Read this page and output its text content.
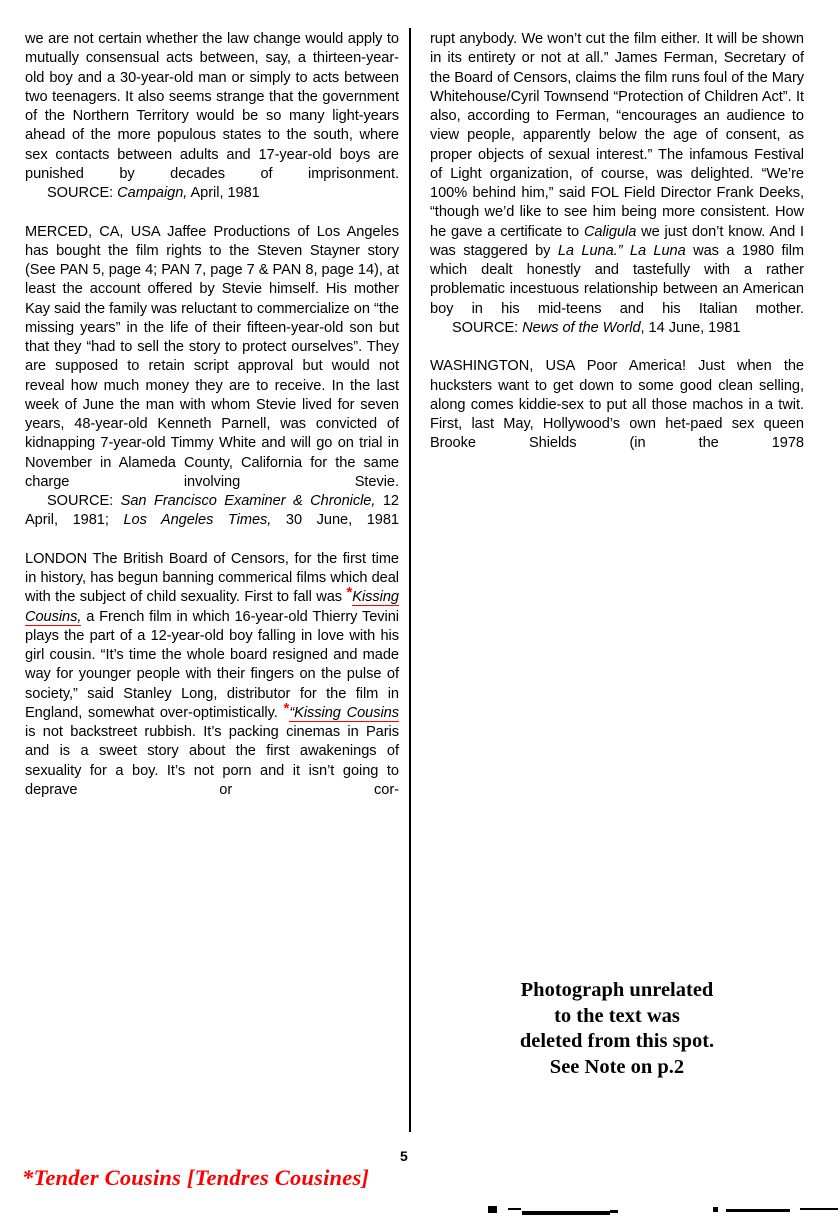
we are not certain whether the law change would apply to mutually consensual acts between, say, a thirteen-year-old boy and a 30-year-old man or simply to acts between two teenagers. It also seems strange that the government of the Northern Territory would be so many light-years ahead of the more populous states to the south, where sex contacts between adults and 17-year-old boys are punished by decades of imprisonment.

SOURCE: Campaign, April, 1981

MERCED, CA, USA Jaffee Productions of Los Angeles has bought the film rights to the Steven Stayner story (See PAN 5, page 4; PAN 7, page 7 & PAN 8, page 14), at least the account offered by Stevie himself. His mother Kay said the family was reluctant to commercialize on “the missing years” in the life of their fifteen-year-old son but that they “had to sell the story to protect ourselves”. They are supposed to retain script approval but would not reveal how much money they are to receive. In the last week of June the man with whom Stevie lived for seven years, 48-year-old Kenneth Parnell, was convicted of kidnapping 7-year-old Timmy White and will go on trial in November in Alameda County, California for the same charge involving Stevie.

SOURCE: San Francisco Examiner & Chronicle, 12 April, 1981; Los Angeles Times, 30 June, 1981

LONDON The British Board of Censors, for the first time in history, has begun banning commerical films which deal with the subject of child sexuality. First to fall was *Kissing Cousins, a French film in which 16-year-old Thierry Tevini plays the part of a 12-year-old boy falling in love with his girl cousin. “It’s time the whole board resigned and made way for younger people with their fingers on the pulse of society,” said Stanley Long, distributor for the film in England, somewhat over-optimistically. *“Kissing Cousins is not backstreet rubbish. It’s packing cinemas in Paris and is a sweet story about the first awakenings of sexuality for a boy. It’s not porn and it isn’t going to deprave or cor-

rupt anybody. We won’t cut the film either. It will be shown in its entirety or not at all.” James Ferman, Secretary of the Board of Censors, claims the film runs foul of the Mary Whitehouse/Cyril Townsend “Protection of Children Act”. It also, according to Ferman, “encourages an audience to view people, apparently below the age of consent, as proper objects of sexual interest.” The infamous Festival of Light organization, of course, was delighted. “We’re 100% behind him,” said FOL Field Director Frank Deeks, “though we’d like to see him being more consistent. How he gave a certificate to Caligula we just don’t know. And I was staggered by La Luna.” La Luna was a 1980 film which dealt honestly and tastefully with a rather problematic incestuous relationship between an American boy in his mid-teens and his Italian mother.

SOURCE: News of the World, 14 June, 1981

WASHINGTON, USA Poor America! Just when the hucksters want to get down to some good clean selling, along comes kiddie-sex to put all those machos in a twit. First, last May, Hollywood’s own het-paed sex queen Brooke Shields (in the 1978

Photograph unrelated
to the text was
deleted from this spot.
See Note on p.2
5
*Tender Cousins [Tendres Cousines]
